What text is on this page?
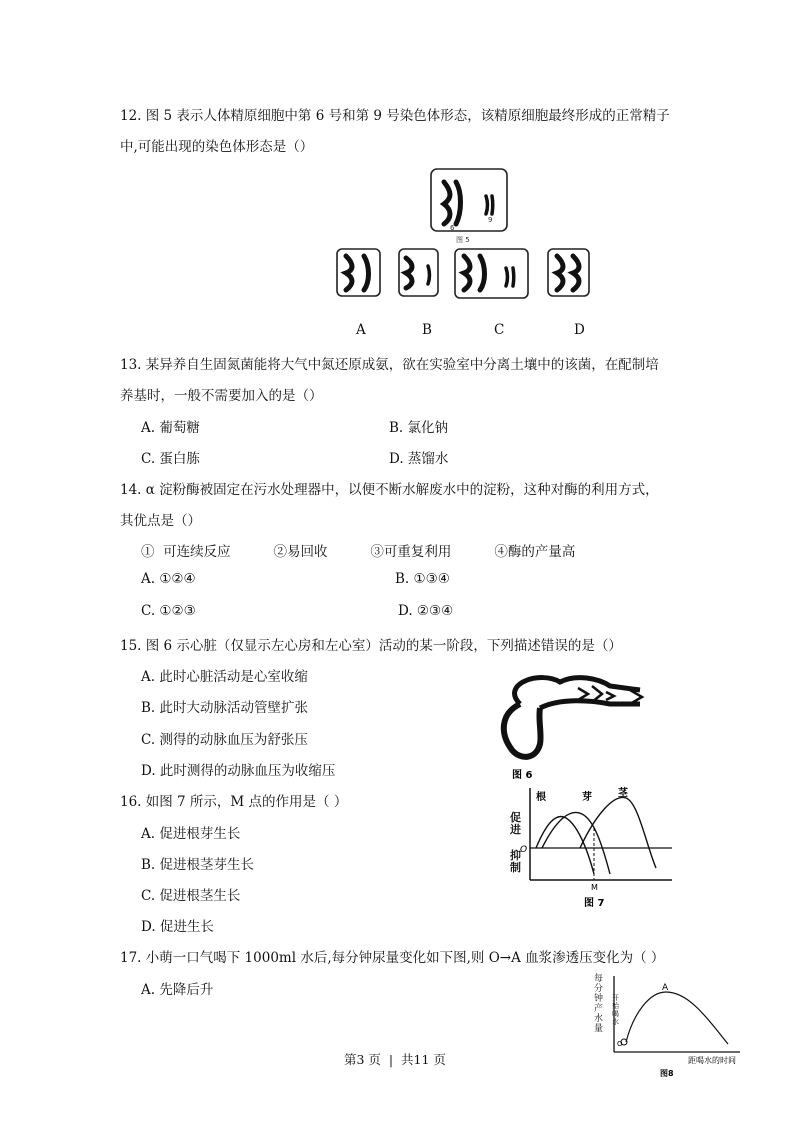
12. 图 5 表示人体精原细胞中第 6 号和第 9 号染色体形态，该精原细胞最终形成的正常精子
中,可能出现的染色体形态是（）
6
9
图 5
A	B	C	D
13. 某异养自生固氮菌能将大气中氮还原成氨，欲在实验室中分离土壤中的该菌，在配制培
养基时，一般不需要加入的是（）
A. 葡萄糖	B. 氯化钠
C. 蛋白胨	D. 蒸馏水
14. α 淀粉酶被固定在污水处理器中，以便不断水解废水中的淀粉，这种对酶的利用方式，
其优点是（）
①  可连续反应          ②易回收          ③可重复利用          ④酶的产量高
A. ①②④	B. ①③④
C. ①②③	D. ②③④
15. 图 6 示心脏（仅显示左心房和左心室）活动的某一阶段，下列描述错误的是（）
A. 此时心脏活动是心室收缩
B. 此时大动脉活动管壁扩张
C. 测得的动脉血压为舒张压
D. 此时测得的动脉血压为收缩压	图 6
16. 如图 7 所示，M 点的作用是（ ）
A. 促进根芽生长
B. 促进根茎芽生长
C. 促进根茎生长
D. 促进生长
根	芽	茎
O
M
图 7
促进
抑制
17. 小萌一口气喝下 1000ml 水后,每分钟尿量变化如下图,则 O→A 血浆渗透压变化为（ ）
A. 先降后升	A
O
距喝水的时间
图8
每分钟产水量
开始喝水
第3 页  |  共11 页
